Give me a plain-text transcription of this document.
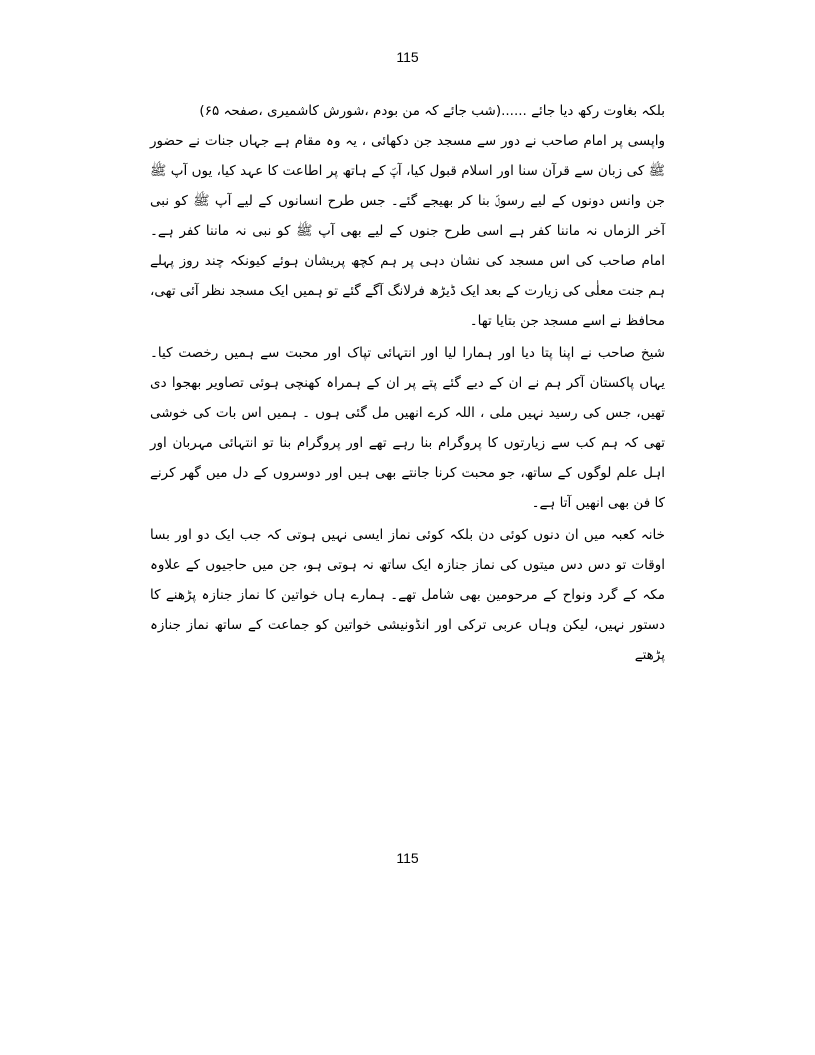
115

بلکہ بغاوت رکھ دیا جائے ......(شب جائے کہ من بودم ،شورش کاشمیری ،صفحہ ۶۵)

واپسی پر امام صاحب نے دور سے مسجد جن دکھائی ، یہ وہ مقام ہے جہاں جنات نے حضور ﷺ کی زبان سے قرآن سنا اور اسلام قبول کیا، آپؐ کے ہاتھ پر اطاعت کا عہد کیا، یوں آپ ﷺ جن وانس دونوں کے لیے رسولؐ بنا کر بھیجے گئے۔ جس طرح انسانوں کے لیے آپ ﷺ کو نبی آخر الزماں نہ ماننا کفر ہے اسی طرح جنوں کے لیے بھی آپ ﷺ کو نبی نہ ماننا کفر ہے۔ امام صاحب کی اس مسجد کی نشان دہی پر ہم کچھ پریشان ہوئے کیونکہ چند روز پہلے ہم جنت معلٰی کی زیارت کے بعد ایک ڈیڑھ فرلانگ آگے گئے تو ہمیں ایک مسجد نظر آئی تھی، محافظ نے اسے مسجد جن بتایا تھا۔

شیخ صاحب نے اپنا پتا دیا اور ہمارا لیا اور انتہائی تپاک اور محبت سے ہمیں رخصت کیا۔ یہاں پاکستان آکر ہم نے ان کے دیے گئے پتے پر ان کے ہمراہ کھنچی ہوئی تصاویر بھجوا دی تھیں، جس کی رسید نہیں ملی ، اللہ کرے انھیں مل گئی ہوں ۔ ہمیں اس بات کی خوشی تھی کہ ہم کب سے زیارتوں کا پروگرام بنا رہے تھے اور پروگرام بنا تو انتہائی مہربان اور اہل علم لوگوں کے ساتھ، جو محبت کرنا جانتے بھی ہیں اور دوسروں کے دل میں گھر کرنے کا فن بھی انھیں آتا ہے۔

خانہ کعبہ میں ان دنوں کوئی دن بلکہ کوئی نماز ایسی نہیں ہوتی کہ جب ایک دو اور بسا اوقات تو دس دس میتوں کی نماز جنازہ ایک ساتھ نہ ہوتی ہو، جن میں حاجیوں کے علاوہ مکہ کے گرد ونواح کے مرحومین بھی شامل تھے۔ ہمارے ہاں خواتین کا نماز جنازہ پڑھنے کا دستور نہیں، لیکن وہاں عربی ترکی اور انڈونیشی خواتین کو جماعت کے ساتھ نماز جنازہ پڑھتے

115
